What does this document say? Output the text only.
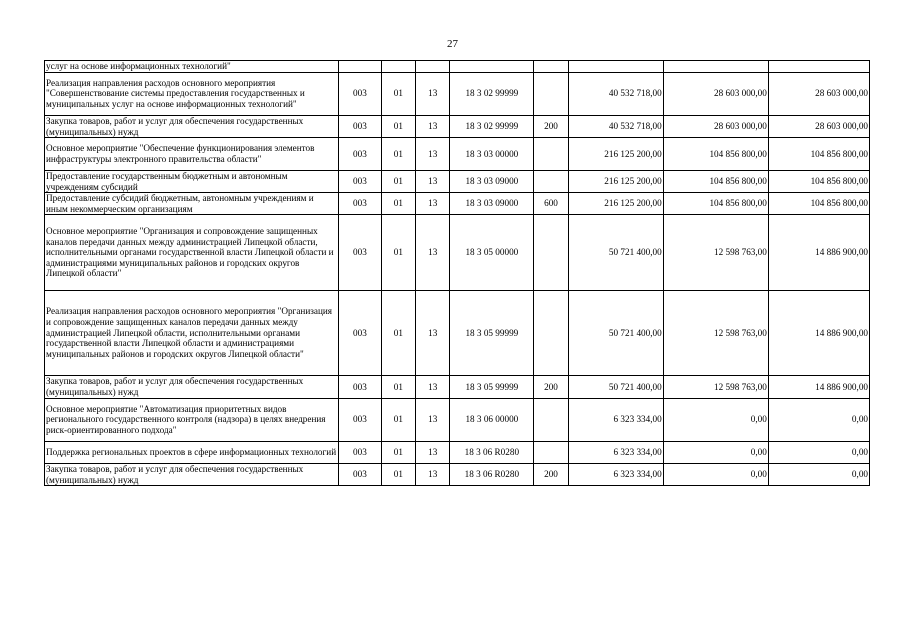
27
услуг на основе информационных технологий"								
Реализация направления расходов основного мероприятия "Совершенствование системы предоставления государственных и муниципальных услуг на основе информационных технологий"	003	01	13	18 3 02 99999		40 532 718,00	28 603 000,00	28 603 000,00
Закупка товаров, работ и услуг для обеспечения государственных (муниципальных) нужд	003	01	13	18 3 02 99999	200	40 532 718,00	28 603 000,00	28 603 000,00
Основное мероприятие "Обеспечение функционирования элементов инфраструктуры электронного правительства области"	003	01	13	18 3 03 00000		216 125 200,00	104 856 800,00	104 856 800,00
Предоставление государственным бюджетным и автономным учреждениям субсидий	003	01	13	18 3 03 09000		216 125 200,00	104 856 800,00	104 856 800,00
Предоставление субсидий бюджетным, автономным учреждениям и иным некоммерческим организациям	003	01	13	18 3 03 09000	600	216 125 200,00	104 856 800,00	104 856 800,00
Основное мероприятие "Организация и сопровождение защищенных каналов передачи данных между администрацией Липецкой области, исполнительными органами государственной власти Липецкой области и администрациями муниципальных районов и городских округов Липецкой области"	003	01	13	18 3 05 00000		50 721 400,00	12 598 763,00	14 886 900,00
Реализация направления расходов основного мероприятия "Организация и сопровождение защищенных каналов передачи данных между администрацией Липецкой области, исполнительными органами государственной власти Липецкой области и администрациями муниципальных районов и городских округов Липецкой области"	003	01	13	18 3 05 99999		50 721 400,00	12 598 763,00	14 886 900,00
Закупка товаров, работ и услуг для обеспечения государственных (муниципальных) нужд	003	01	13	18 3 05 99999	200	50 721 400,00	12 598 763,00	14 886 900,00
Основное мероприятие "Автоматизация приоритетных видов регионального государственного контроля (надзора) в целях внедрения риск-ориентированного подхода"	003	01	13	18 3 06 00000		6 323 334,00	0,00	0,00
Поддержка региональных проектов в сфере информационных технологий	003	01	13	18 3 06 R0280		6 323 334,00	0,00	0,00
Закупка товаров, работ и услуг для обеспечения государственных (муниципальных) нужд	003	01	13	18 3 06 R0280	200	6 323 334,00	0,00	0,00
